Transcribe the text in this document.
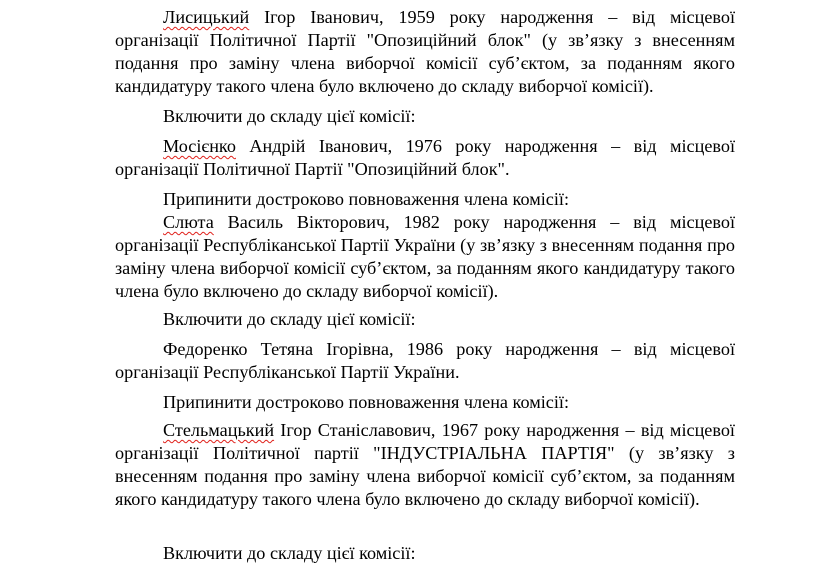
Лисицький Ігор Іванович, 1959 року народження – від місцевої організації Політичної Партії "Опозиційний блок" (у зв’язку з внесенням подання про заміну члена виборчої комісії суб’єктом, за поданням якого кандидатуру такого члена було включено до складу виборчої комісії).

Включити до складу цієї комісії:

Мосієнко Андрій Іванович, 1976 року народження – від місцевої організації Політичної Партії "Опозиційний блок".

Припинити достроково повноваження члена комісії:

Слюта Василь Вікторович, 1982 року народження – від місцевої організації Республіканської Партії України (у зв’язку з внесенням подання про заміну члена виборчої комісії суб’єктом, за поданням якого кандидатуру такого члена було включено до складу виборчої комісії).

Включити до складу цієї комісії:

Федоренко Тетяна Ігорівна, 1986 року народження – від місцевої організації Республіканської Партії України.

Припинити достроково повноваження члена комісії:

Стельмацький Ігор Станіславович, 1967 року народження – від місцевої організації Політичної партії "ІНДУСТРІАЛЬНА ПАРТІЯ" (у зв’язку з внесенням подання про заміну члена виборчої комісії суб’єктом, за поданням якого кандидатуру такого члена було включено до складу виборчої комісії).

Включити до складу цієї комісії:
